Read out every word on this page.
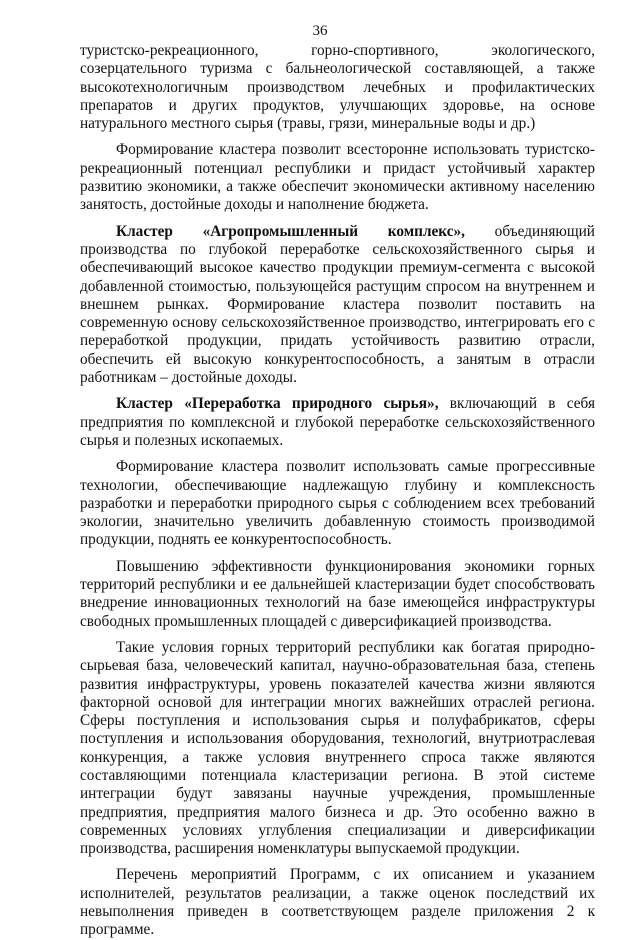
36

туристско-рекреационного, горно-спортивного, экологического, созерцательного туризма с бальнеологической составляющей, а также высокотехнологичным производством лечебных и профилактических препаратов и других продуктов, улучшающих здоровье, на основе натурального местного сырья (травы, грязи, минеральные воды и др.)

Формирование кластера позволит всесторонне использовать туристско-рекреационный потенциал республики и придаст устойчивый характер развитию экономики, а также обеспечит экономически активному населению занятость, достойные доходы и наполнение бюджета.

Кластер «Агропромышленный комплекс», объединяющий производства по глубокой переработке сельскохозяйственного сырья и обеспечивающий высокое качество продукции премиум-сегмента с высокой добавленной стоимостью, пользующейся растущим спросом на внутреннем и внешнем рынках. Формирование кластера позволит поставить на современную основу сельскохозяйственное производство, интегрировать его с переработкой продукции, придать устойчивость развитию отрасли, обеспечить ей высокую конкурентоспособность, а занятым в отрасли работникам – достойные доходы.

Кластер «Переработка природного сырья», включающий в себя предприятия по комплексной и глубокой переработке сельскохозяйственного сырья и полезных ископаемых.

Формирование кластера позволит использовать самые прогрессивные технологии, обеспечивающие надлежащую глубину и комплексность разработки и переработки природного сырья с соблюдением всех требований экологии, значительно увеличить добавленную стоимость производимой продукции, поднять ее конкурентоспособность.

Повышению эффективности функционирования экономики горных территорий республики и ее дальнейшей кластеризации будет способствовать внедрение инновационных технологий на базе имеющейся инфраструктуры свободных промышленных площадей с диверсификацией производства.

Такие условия горных территорий республики как богатая природно-сырьевая база, человеческий капитал, научно-образовательная база, степень развития инфраструктуры, уровень показателей качества жизни являются факторной основой для интеграции многих важнейших отраслей региона. Сферы поступления и использования сырья и полуфабрикатов, сферы поступления и использования оборудования, технологий, внутриотраслевая конкуренция, а также условия внутреннего спроса также являются составляющими потенциала кластеризации региона. В этой системе интеграции будут завязаны научные учреждения, промышленные предприятия, предприятия малого бизнеса и др. Это особенно важно в современных условиях углубления специализации и диверсификации производства, расширения номенклатуры выпускаемой продукции.

Перечень мероприятий Программ, с их описанием и указанием исполнителей, результатов реализации, а также оценок последствий их невыполнения приведен в соответствующем разделе приложения 2 к программе.
